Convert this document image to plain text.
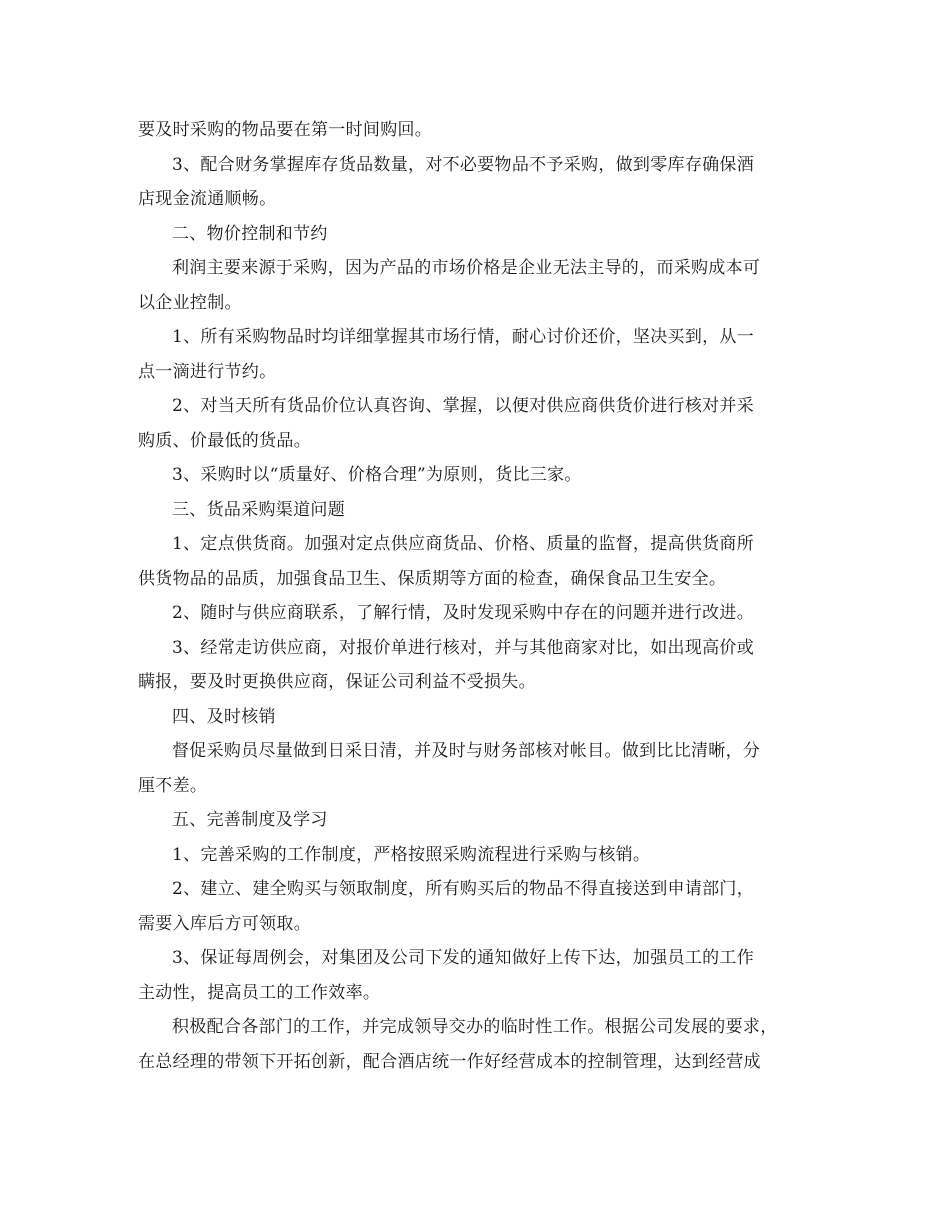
要及时采购的物品要在第一时间购回。
3、配合财务掌握库存货品数量，对不必要物品不予采购，做到零库存确保酒
店现金流通顺畅。
二、物价控制和节约
利润主要来源于采购，因为产品的市场价格是企业无法主导的，而采购成本可
以企业控制。
1、所有采购物品时均详细掌握其市场行情，耐心讨价还价，坚决买到，从一
点一滴进行节约。
2、对当天所有货品价位认真咨询、掌握，以便对供应商供货价进行核对并采
购质、价最低的货品。
3、采购时以“质量好、价格合理”为原则，货比三家。
三、货品采购渠道问题
1、定点供货商。加强对定点供应商货品、价格、质量的监督，提高供货商所
供货物品的品质，加强食品卫生、保质期等方面的检查，确保食品卫生安全。
2、随时与供应商联系，了解行情，及时发现采购中存在的问题并进行改进。
3、经常走访供应商，对报价单进行核对，并与其他商家对比，如出现高价或
瞒报，要及时更换供应商，保证公司利益不受损失。
四、及时核销
督促采购员尽量做到日采日清，并及时与财务部核对帐目。做到比比清晰，分
厘不差。
五、完善制度及学习
1、完善采购的工作制度，严格按照采购流程进行采购与核销。
2、建立、建全购买与领取制度，所有购买后的物品不得直接送到申请部门，
需要入库后方可领取。
3、保证每周例会，对集团及公司下发的通知做好上传下达，加强员工的工作
主动性，提高员工的工作效率。
积极配合各部门的工作，并完成领导交办的临时性工作。根据公司发展的要求，
在总经理的带领下开拓创新，配合酒店统一作好经营成本的控制管理，达到经营成
